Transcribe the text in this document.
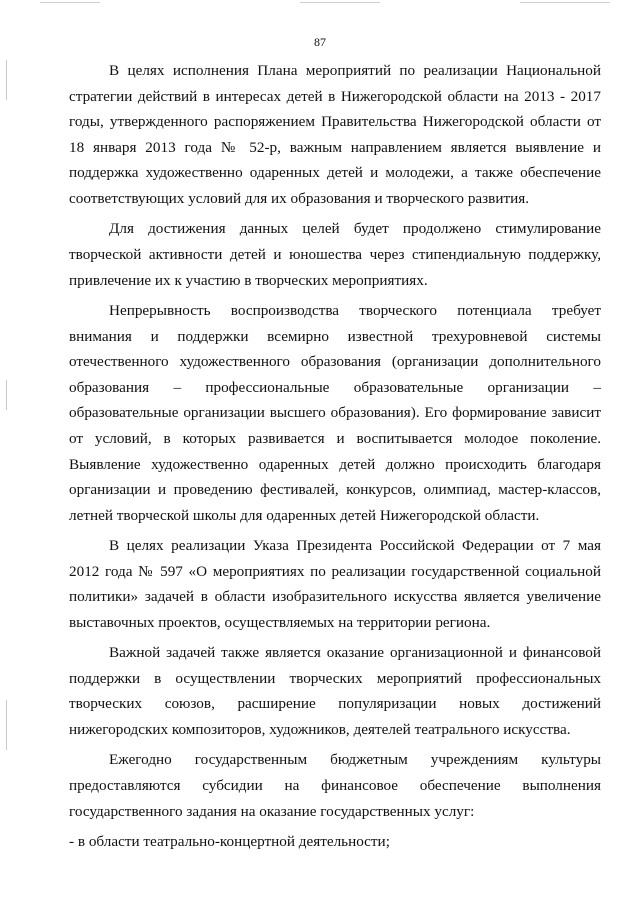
87

В целях исполнения Плана мероприятий по реализации Национальной стратегии действий в интересах детей в Нижегородской области на 2013 - 2017 годы, утвержденного распоряжением Правительства Нижегородской области от 18 января 2013 года № 52-р, важным направлением является выявление и поддержка художественно одаренных детей и молодежи, а также обеспечение соответствующих условий для их образования и творческого развития.

Для достижения данных целей будет продолжено стимулирование творческой активности детей и юношества через стипендиальную поддержку, привлечение их к участию в творческих мероприятиях.

Непрерывность воспроизводства творческого потенциала требует внимания и поддержки всемирно известной трехуровневой системы отечественного художественного образования (организации дополнительного образования – профессиональные образовательные организации – образовательные организации высшего образования). Его формирование зависит от условий, в которых развивается и воспитывается молодое поколение. Выявление художественно одаренных детей должно происходить благодаря организации и проведению фестивалей, конкурсов, олимпиад, мастер-классов, летней творческой школы для одаренных детей Нижегородской области.

В целях реализации Указа Президента Российской Федерации от 7 мая 2012 года № 597 «О мероприятиях по реализации государственной социальной политики» задачей в области изобразительного искусства является увеличение выставочных проектов, осуществляемых на территории региона.

Важной задачей также является оказание организационной и финансовой поддержки в осуществлении творческих мероприятий профессиональных творческих союзов, расширение популяризации новых достижений нижегородских композиторов, художников, деятелей театрального искусства.

Ежегодно государственным бюджетным учреждениям культуры предоставляются субсидии на финансовое обеспечение выполнения государственного задания на оказание государственных услуг:

- в области театрально-концертной деятельности;
